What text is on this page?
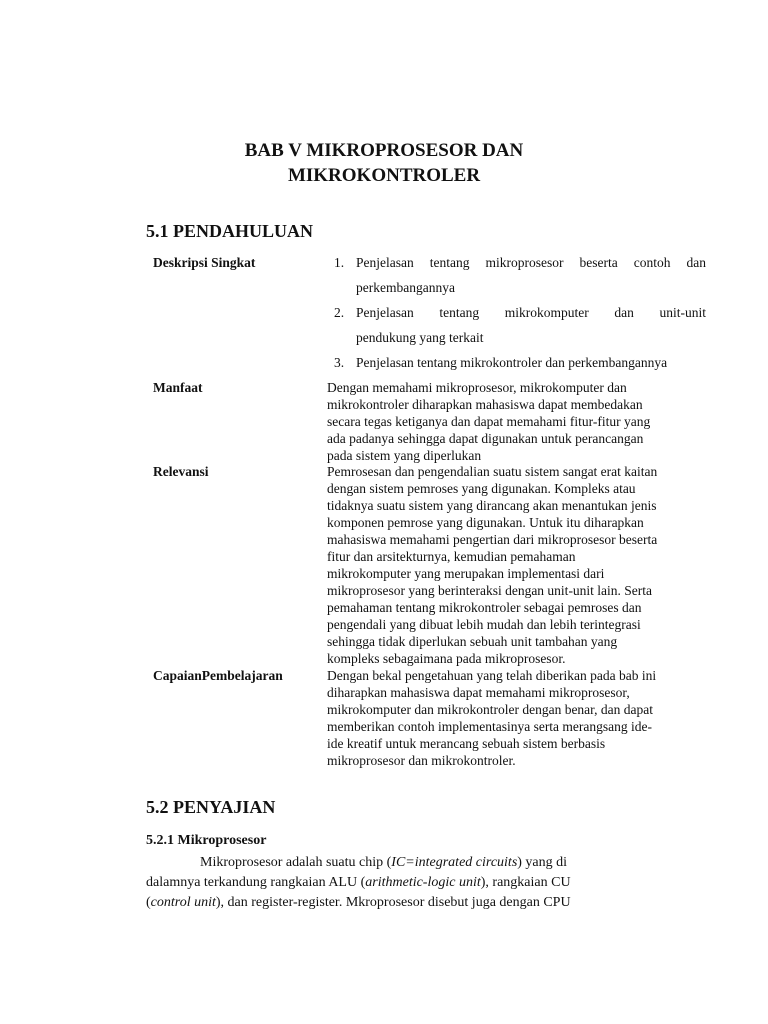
BAB V MIKROPROSESOR DAN
MIKROKONTROLER
5.1 PENDAHULUAN
Deskripsi Singkat	1. Penjelasan tentang mikroprosesor beserta contoh dan
perkembangannya
2. Penjelasan tentang mikrokomputer dan unit-unit
pendukung yang terkait
3. Penjelasan tentang mikrokontroler dan perkembangannya
Manfaat	Dengan memahami mikroprosesor, mikrokomputer dan
mikrokontroler diharapkan mahasiswa dapat membedakan
secara tegas ketiganya dan dapat memahami fitur-fitur yang
ada padanya sehingga dapat digunakan untuk perancangan
pada sistem yang diperlukan
Relevansi	Pemrosesan dan pengendalian suatu sistem sangat erat kaitan
dengan sistem pemroses yang digunakan. Kompleks atau
tidaknya suatu sistem yang dirancang akan menantukan jenis
komponen pemrose yang digunakan. Untuk itu diharapkan
mahasiswa memahami pengertian dari mikroprosesor beserta
fitur dan arsitekturnya, kemudian pemahaman
mikrokomputer yang merupakan implementasi dari
mikroprosesor yang berinteraksi dengan unit-unit lain. Serta
pemahaman tentang mikrokontroler sebagai pemroses dan
pengendali yang dibuat lebih mudah dan lebih terintegrasi
sehingga tidak diperlukan sebuah unit tambahan yang
kompleks sebagaimana pada mikroprosesor.
CapaianPembelajaran	Dengan bekal pengetahuan yang telah diberikan pada bab ini
diharapkan mahasiswa dapat memahami mikroprosesor,
mikrokomputer dan mikrokontroler dengan benar, dan dapat
memberikan contoh implementasinya serta merangsang ide-
ide kreatif untuk merancang sebuah sistem berbasis
mikroprosesor dan mikrokontroler.
5.2 PENYAJIAN
5.2.1 Mikroprosesor
Mikroprosesor adalah suatu chip (IC=integrated circuits) yang di
dalamnya terkandung rangkaian ALU (arithmetic-logic unit), rangkaian CU
(control unit), dan register-register. Mkroprosesor disebut juga dengan CPU
